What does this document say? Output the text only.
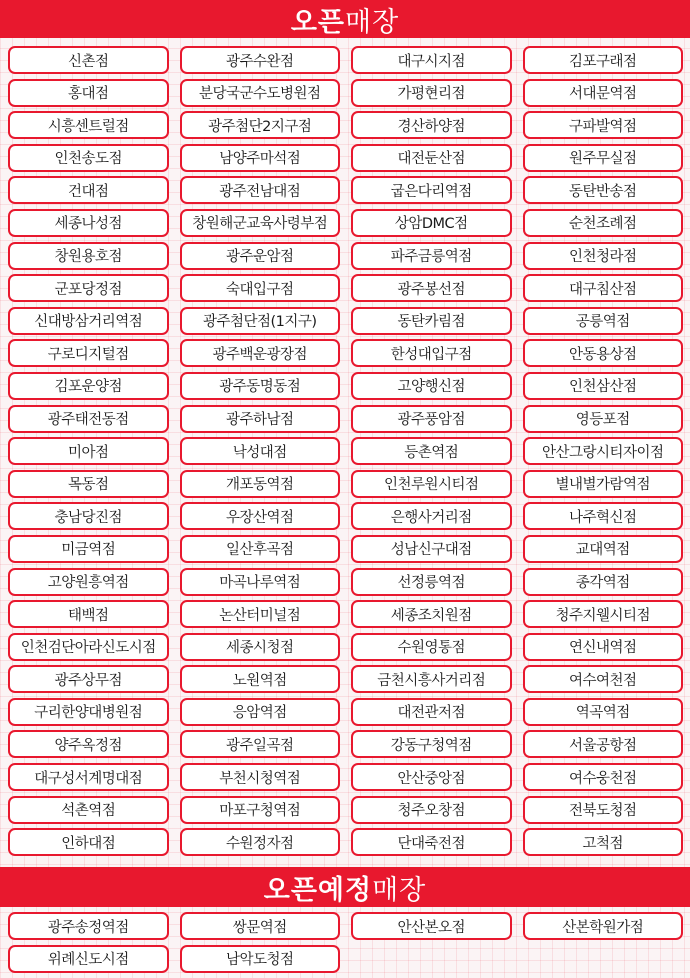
오픈 매장
신촌점	광주수완점	대구시지점	김포구래점
홍대점	분당국군수도병원점	가평현리점	서대문역점
시흥센트럴점	광주첨단2지구점	경산하양점	구파발역점
인천송도점	남양주마석점	대전둔산점	원주무실점
건대점	광주전남대점	굽은다리역점	동탄반송점
세종나성점	창원해군교육사령부점	상암DMC점	순천조례점
창원용호점	광주운암점	파주금릉역점	인천청라점
군포당정점	숙대입구점	광주봉선점	대구침산점
신대방삼거리역점	광주첨단점(1지구)	동탄카림점	공릉역점
구로디지털점	광주백운광장점	한성대입구점	안동용상점
김포운양점	광주동명동점	고양행신점	인천삼산점
광주태전동점	광주하남점	광주풍암점	영등포점
미아점	낙성대점	등촌역점	안산그랑시티자이점
목동점	개포동역점	인천루원시티점	별내별가람역점
충남당진점	우장산역점	은행사거리점	나주혁신점
미금역점	일산후곡점	성남신구대점	교대역점
고양원흥역점	마곡나루역점	선정릉역점	종각역점
태백점	논산터미널점	세종조치원점	청주지웰시티점
인천검단아라신도시점	세종시청점	수원영통점	연신내역점
광주상무점	노원역점	금천시흥사거리점	여수여천점
구리한양대병원점	응암역점	대전관저점	역곡역점
양주옥정점	광주일곡점	강동구청역점	서울공항점
대구성서계명대점	부천시청역점	안산중앙점	여수웅천점
석촌역점	마포구청역점	청주오창점	전북도청점
인하대점	수원정자점	단대죽전점	고척점
오픈예정 매장
광주송정역점	쌍문역점	안산본오점	산본학원가점
위례신도시점	남악도청점
